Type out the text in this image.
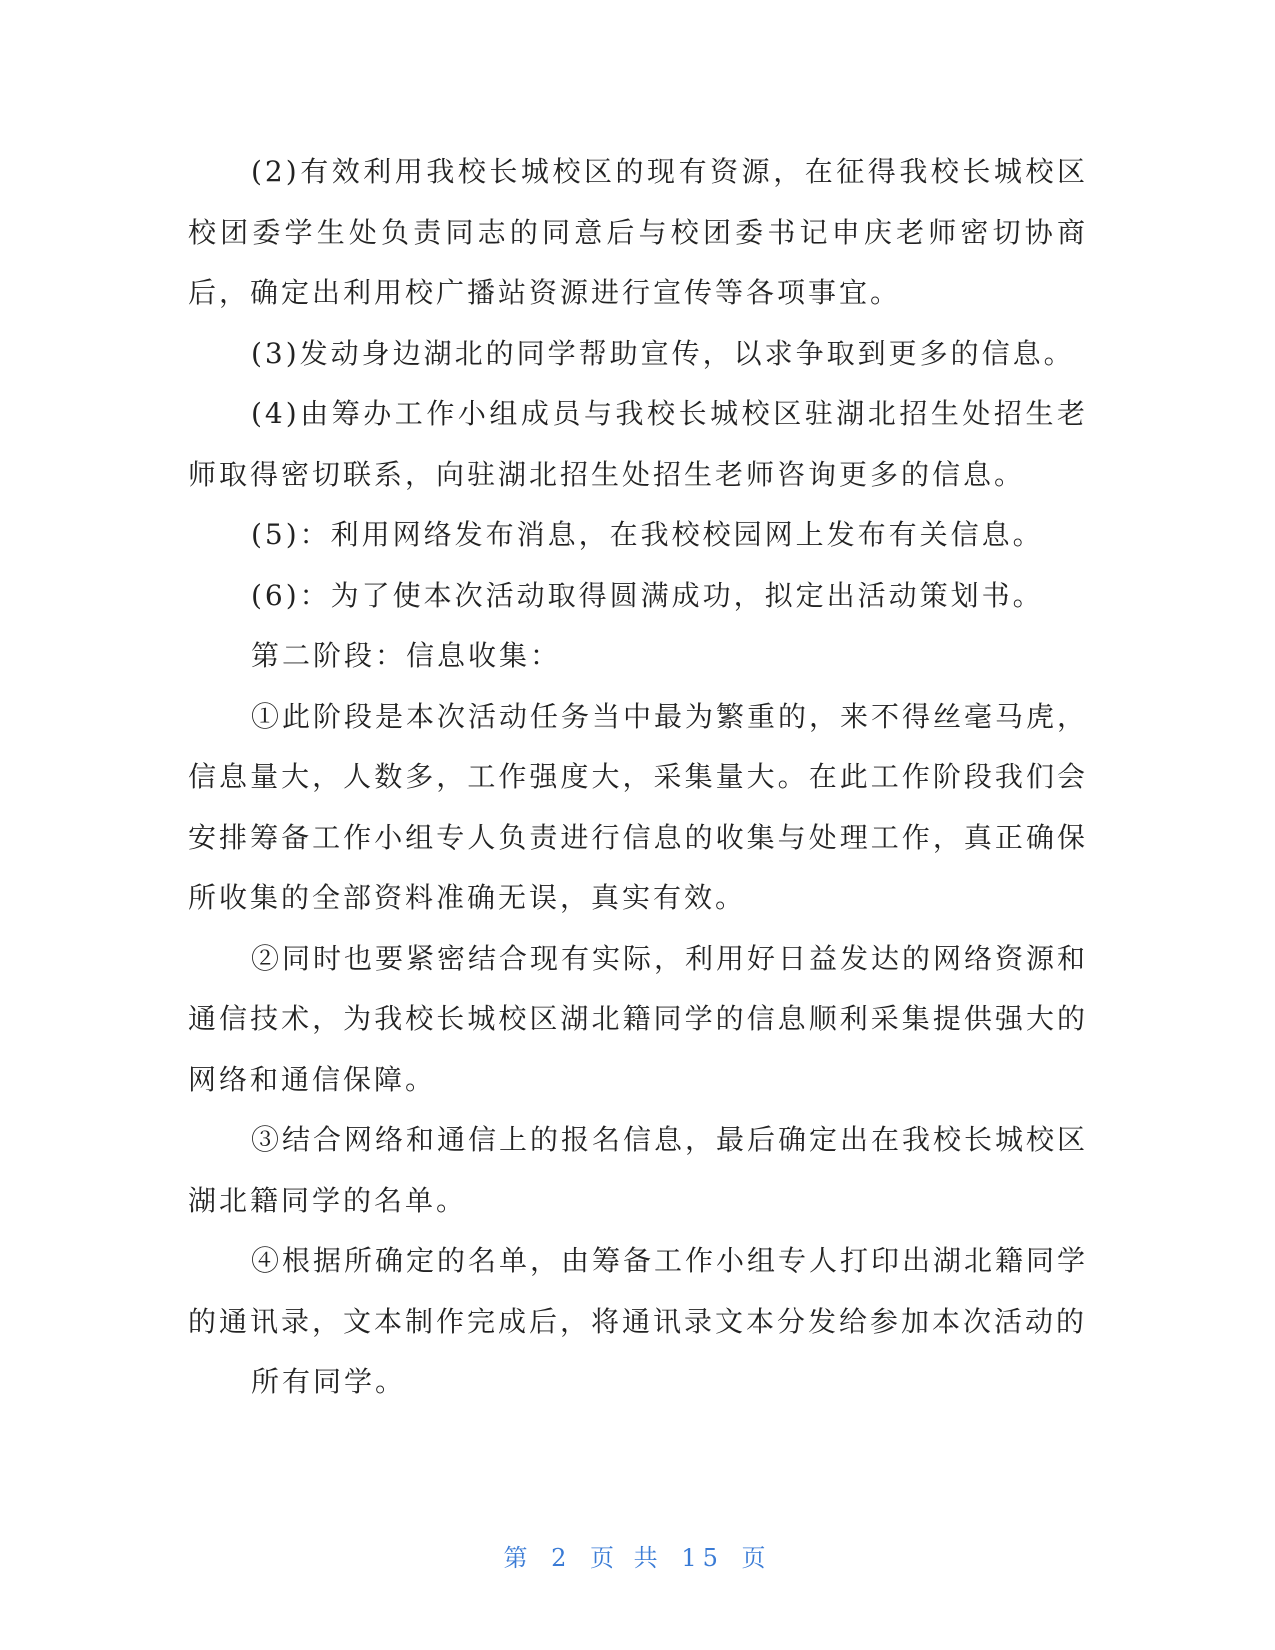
(2)有效利用我校长城校区的现有资源，在征得我校长城校区校团委学生处负责同志的同意后与校团委书记申庆老师密切协商后，确定出利用校广播站资源进行宣传等各项事宜。

(3)发动身边湖北的同学帮助宣传，以求争取到更多的信息。

(4)由筹办工作小组成员与我校长城校区驻湖北招生处招生老师取得密切联系，向驻湖北招生处招生老师咨询更多的信息。

(5)：利用网络发布消息，在我校校园网上发布有关信息。

(6)：为了使本次活动取得圆满成功，拟定出活动策划书。

第二阶段：信息收集：

①此阶段是本次活动任务当中最为繁重的，来不得丝毫马虎，信息量大，人数多，工作强度大，采集量大。在此工作阶段我们会安排筹备工作小组专人负责进行信息的收集与处理工作，真正确保所收集的全部资料准确无误，真实有效。

②同时也要紧密结合现有实际，利用好日益发达的网络资源和通信技术，为我校长城校区湖北籍同学的信息顺利采集提供强大的网络和通信保障。

③结合网络和通信上的报名信息，最后确定出在我校长城校区湖北籍同学的名单。

④根据所确定的名单，由筹备工作小组专人打印出湖北籍同学的通讯录，文本制作完成后，将通讯录文本分发给参加本次活动的

所有同学。

第 2 页 共 15 页
